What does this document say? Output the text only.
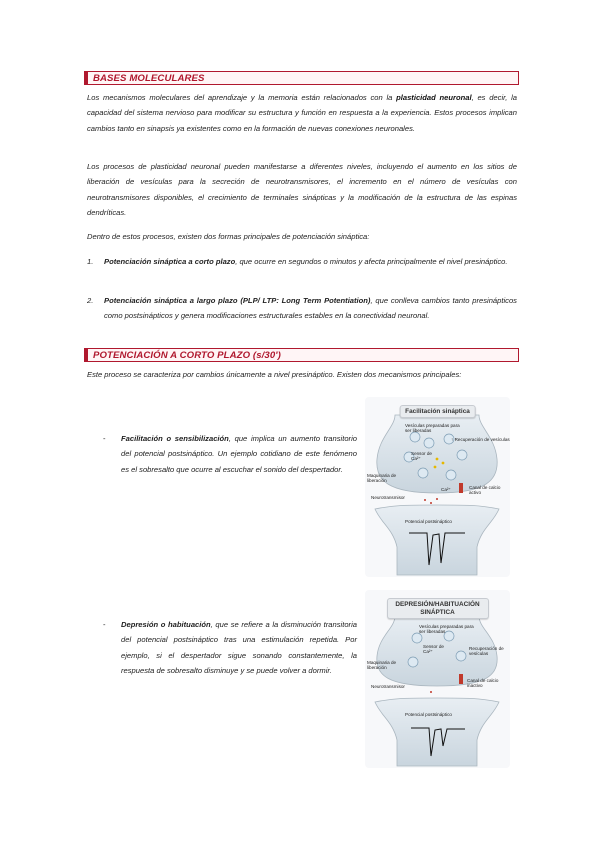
BASES MOLECULARES

Los mecanismos moleculares del aprendizaje y la memoria están relacionados con la plasticidad neuronal, es decir, la capacidad del sistema nervioso para modificar su estructura y función en respuesta a la experiencia. Estos procesos implican cambios tanto en sinapsis ya existentes como en la formación de nuevas conexiones neuronales.

Los procesos de plasticidad neuronal pueden manifestarse a diferentes niveles, incluyendo el aumento en los sitios de liberación de vesículas para la secreción de neurotransmisores, el incremento en el número de vesículas con neurotransmisores disponibles, el crecimiento de terminales sinápticas y la modificación de la estructura de las espinas dendríticas.

Dentro de estos procesos, existen dos formas principales de potenciación sináptica:

1. Potenciación sináptica a corto plazo, que ocurre en segundos o minutos y afecta principalmente el nivel presináptico.

2. Potenciación sináptica a largo plazo (PLP/ LTP: Long Term Potentiation), que conlleva cambios tanto presinápticos como postsinápticos y genera modificaciones estructurales estables en la conectividad neuronal.

POTENCIACIÓN A CORTO PLAZO (s/30')

Este proceso se caracteriza por cambios únicamente a nivel presináptico. Existen dos mecanismos principales:

- Facilitación o sensibilización, que implica un aumento transitorio del potencial postsináptico. Un ejemplo cotidiano de este fenómeno es el sobresalto que ocurre al escuchar el sonido del despertador.

- Depresión o habituación, que se refiere a la disminución transitoria del potencial postsináptico tras una estimulación repetida. Por ejemplo, si el despertador sigue sonando constantemente, la respuesta de sobresalto disminuye y se puede volver a dormir.

Facilitación sináptica
Vesículas preparadas para ser liberadas
↑ Recuperación de vesículas
Sensor de Ca²⁺
Maquinaria de liberación
Ca²⁺	Canal de calcio activo
Neurotransmisor
Potencial postsináptico
DEPRESIÓN/HABITUACIÓN SINÁPTICA
Vesículas preparadas para ser liberadas
Sensor de Ca²⁺
Recuperación de vesículas
Maquinaria de liberación
Canal de calcio inactivo
Neurotransmisor
Potencial postsináptico
